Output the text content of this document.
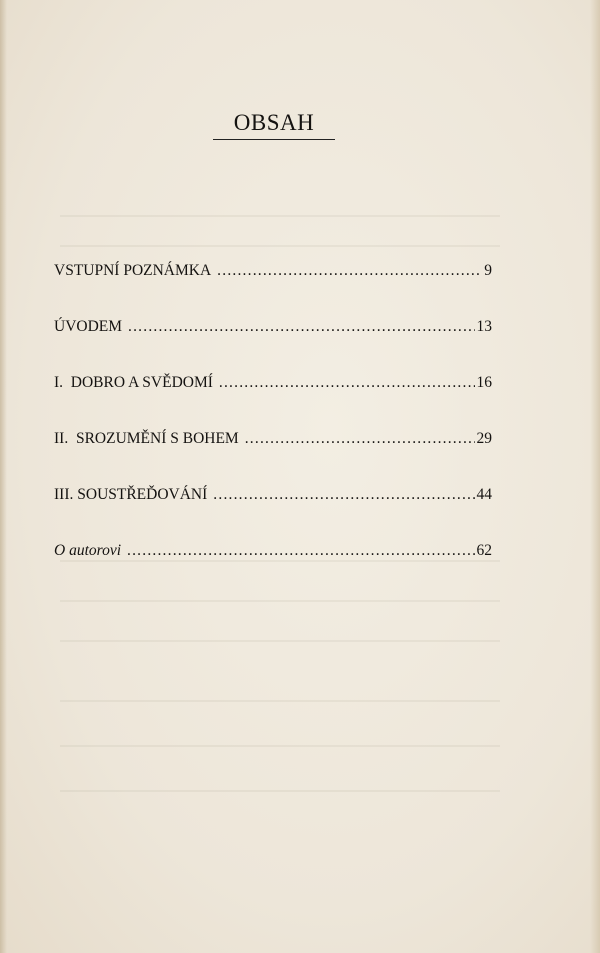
OBSAH
VSTUPNÍ POZNÁMKA .....	9
ÚVODEM .....	13
I. DOBRO A SVĚDOMÍ .....	16
II. SROZUMĚNÍ S BOHEM .....	29
III. SOUSTŘEĎOVÁNÍ .....	44
O autorovi .....	62
